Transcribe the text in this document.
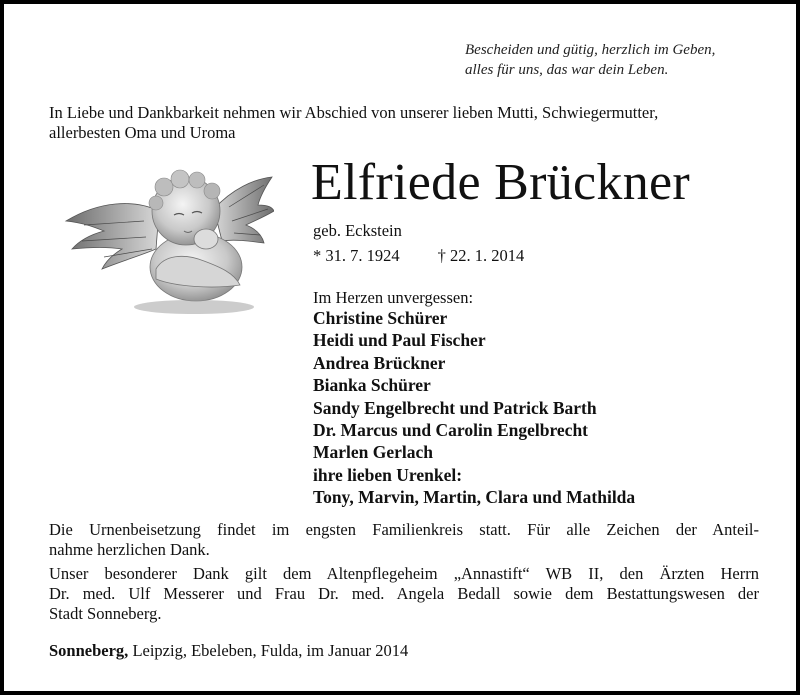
Bescheiden und gütig, herzlich im Geben,
alles für uns, das war dein Leben.
In Liebe und Dankbarkeit nehmen wir Abschied von unserer lieben Mutti, Schwiegermutter,
allerbesten Oma und Uroma
Elfriede Brückner
geb. Eckstein
* 31. 7. 1924 † 22. 1. 2014
Im Herzen unvergessen:
Christine Schürer
Heidi und Paul Fischer
Andrea Brückner
Bianka Schürer
Sandy Engelbrecht und Patrick Barth
Dr. Marcus und Carolin Engelbrecht
Marlen Gerlach
ihre lieben Urenkel:
Tony, Marvin, Martin, Clara und Mathilda

Die Urnenbeisetzung findet im engsten Familienkreis statt. Für alle Zeichen der Anteil-
nahme herzlichen Dank.

Unser besonderer Dank gilt dem Altenpflegeheim „Annastift“ WB II, den Ärzten Herrn
Dr. med. Ulf Messerer und Frau Dr. med. Angela Bedall sowie dem Bestattungswesen der
Stadt Sonneberg.

Sonneberg, Leipzig, Ebeleben, Fulda, im Januar 2014
